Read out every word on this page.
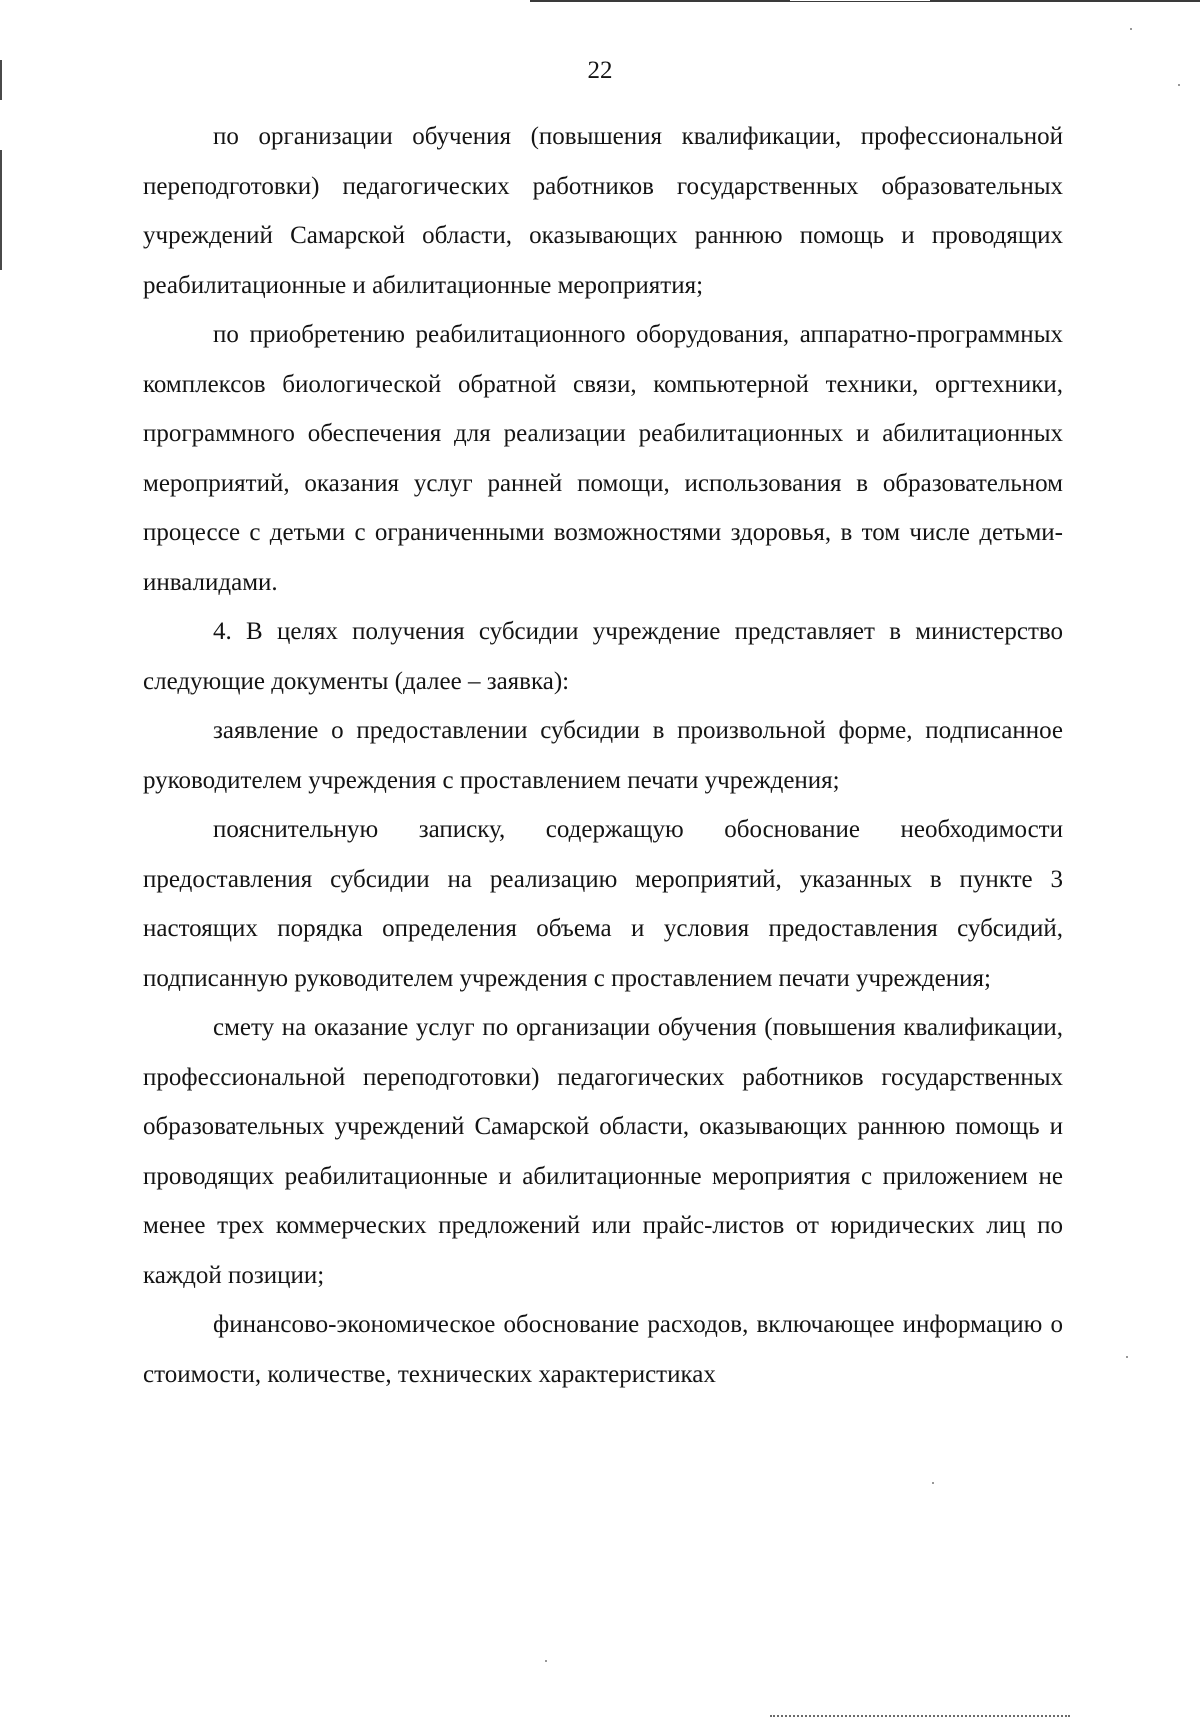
22

по организации обучения (повышения квалификации, профессиональной переподготовки) педагогических работников государственных образовательных учреждений Самарской области, оказывающих раннюю помощь и проводящих реабилитационные и абилитационные мероприятия;

по приобретению реабилитационного оборудования, аппаратно-программных комплексов биологической обратной связи, компьютерной техники, оргтехники, программного обеспечения для реализации реабилитационных и абилитационных мероприятий, оказания услуг ранней помощи, использования в образовательном процессе с детьми с ограниченными возможностями здоровья, в том числе детьми-инвалидами.

4. В целях получения субсидии учреждение представляет в министерство следующие документы (далее – заявка):

заявление о предоставлении субсидии в произвольной форме, подписанное руководителем учреждения с проставлением печати учреждения;

пояснительную записку, содержащую обоснование необходимости предоставления субсидии на реализацию мероприятий, указанных в пункте 3 настоящих порядка определения объема и условия предоставления субсидий, подписанную руководителем учреждения с проставлением печати учреждения;

смету на оказание услуг по организации обучения (повышения квалификации, профессиональной переподготовки) педагогических работников государственных образовательных учреждений Самарской области, оказывающих раннюю помощь и проводящих реабилитационные и абилитационные мероприятия с приложением не менее трех коммерческих предложений или прайс-листов от юридических лиц по каждой позиции;

финансово-экономическое обоснование расходов, включающее информацию о стоимости, количестве, технических характеристиках
